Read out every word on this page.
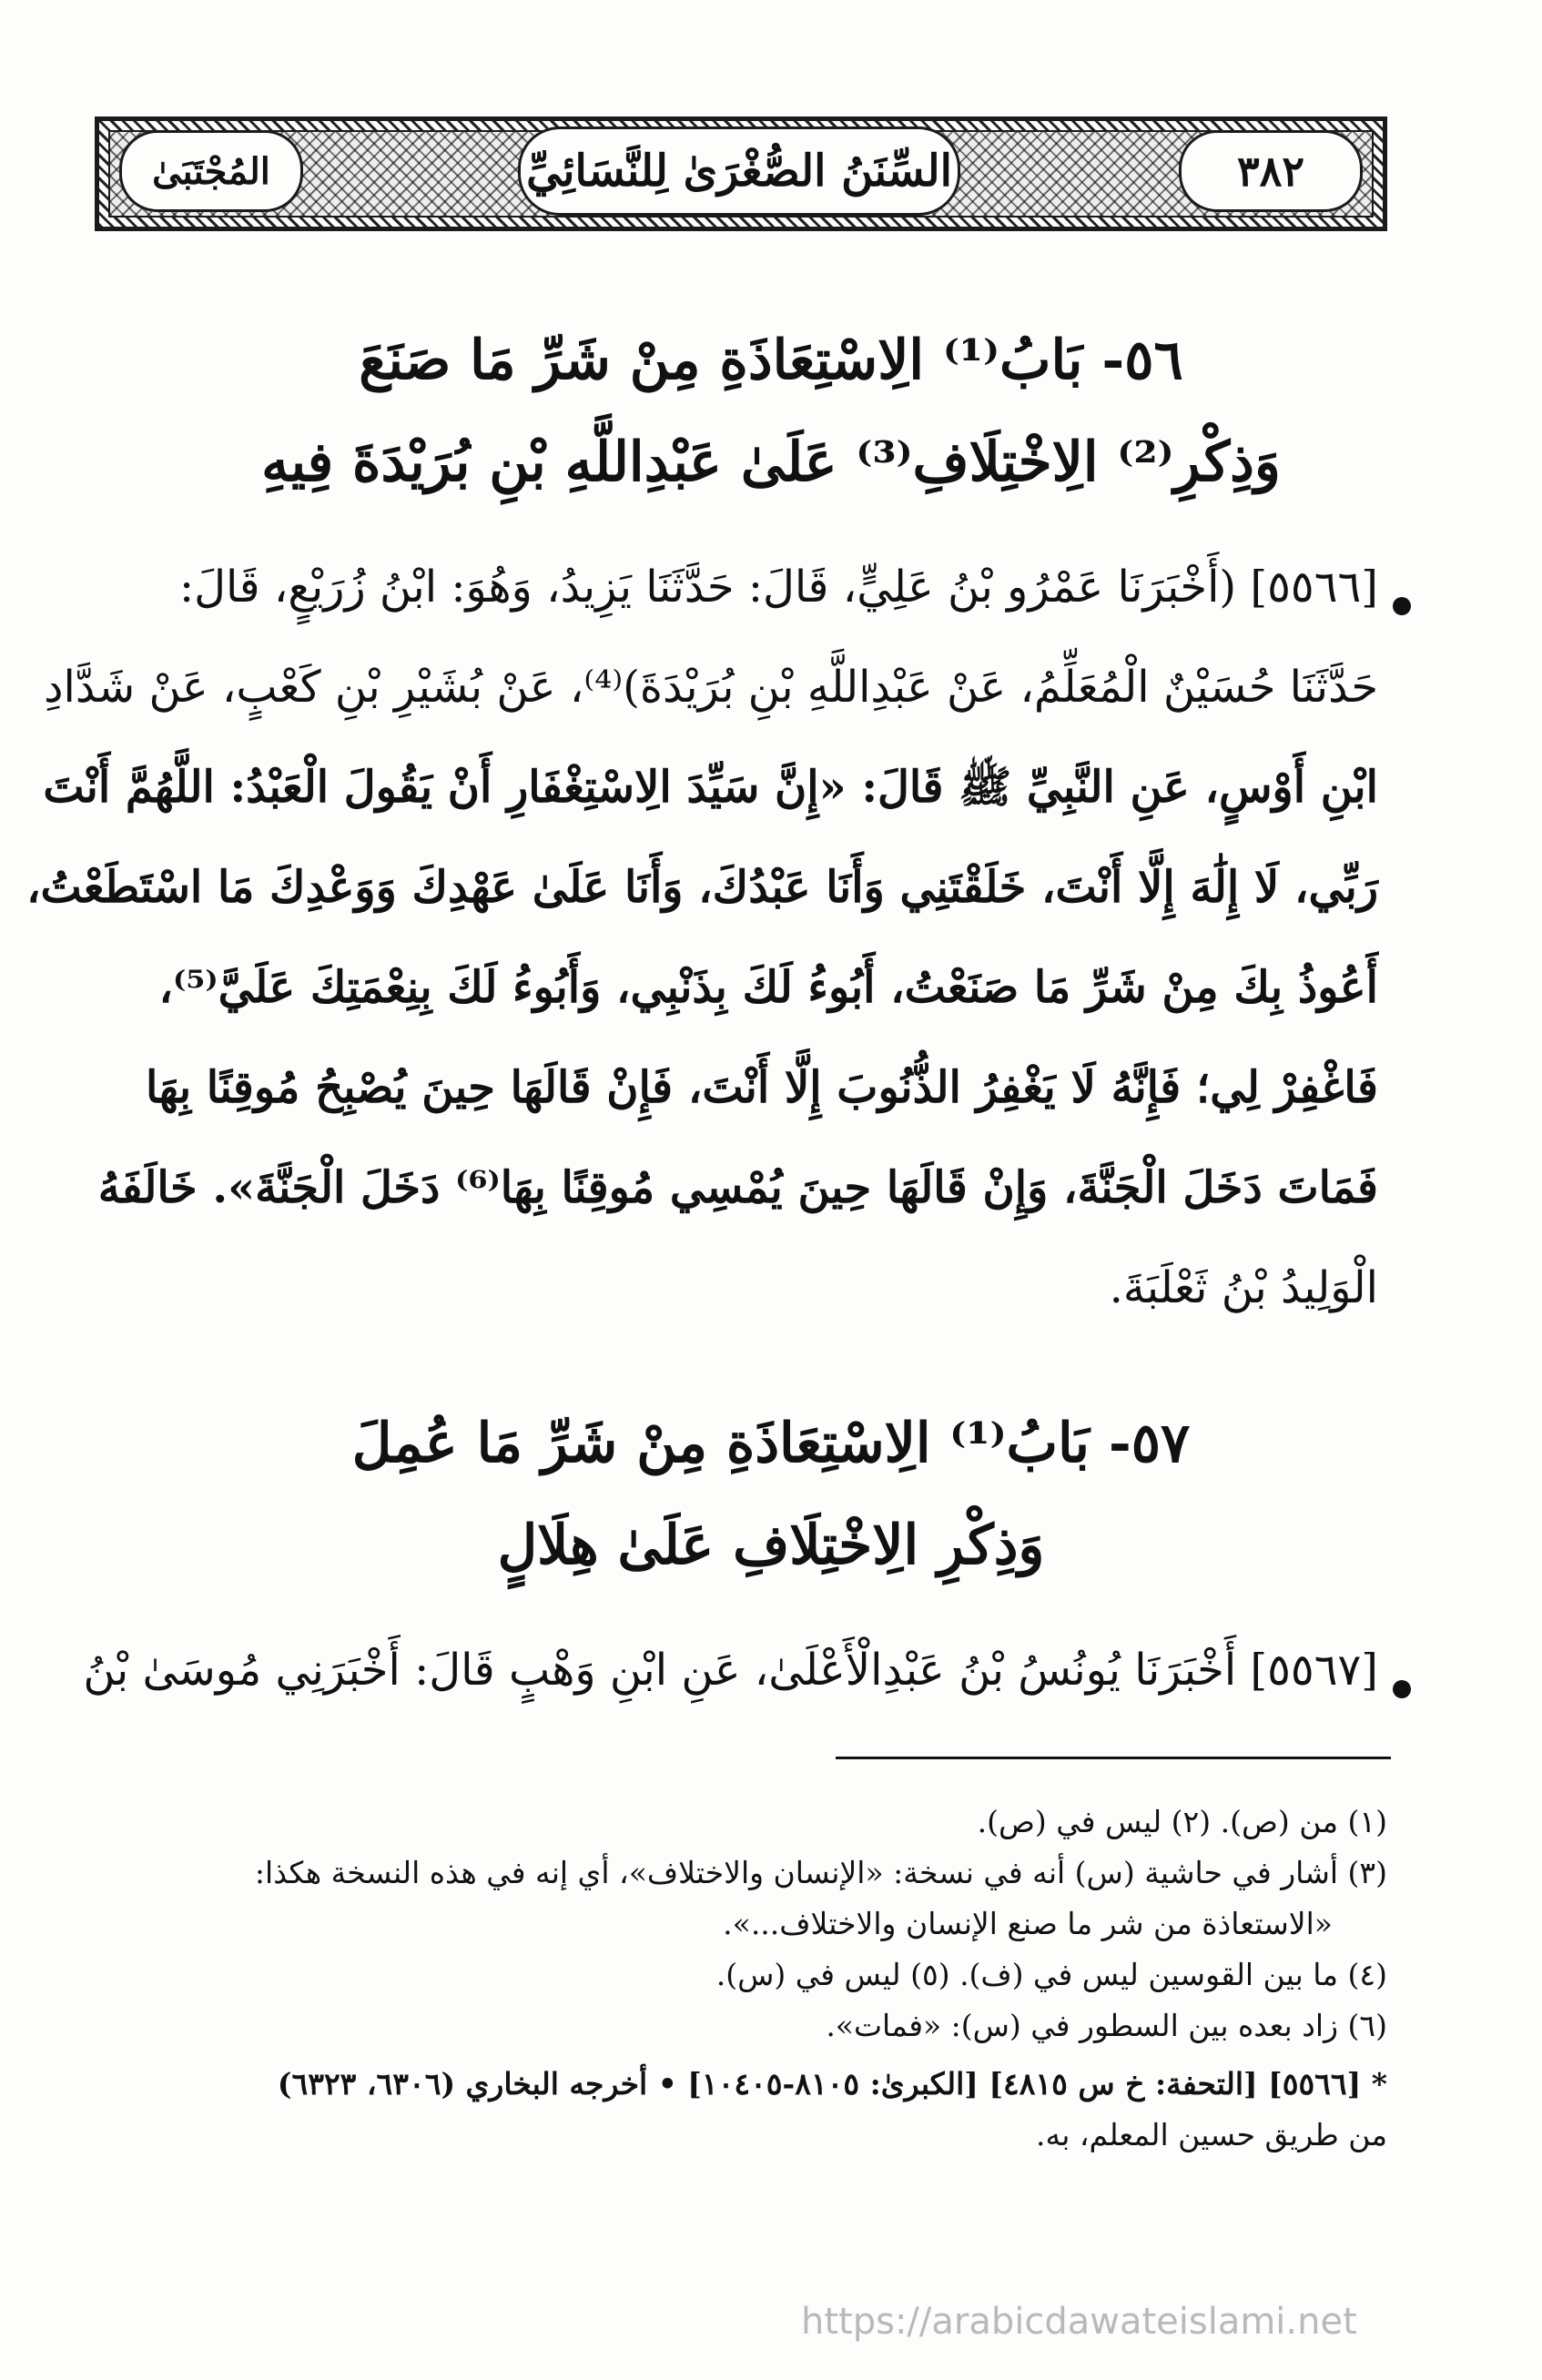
المُجْتَبَىٰ	السِّنَنُ الصُّغْرَىٰ لِلنَّسَائِيِّ	٣٨٢
٥٦- بَابُ⁽¹⁾ الِاسْتِعَاذَةِ مِنْ شَرِّ مَا صَنَعَ
وَذِكْرِ⁽²⁾ الِاخْتِلَافِ⁽³⁾ عَلَىٰ عَبْدِاللَّهِ بْنِ بُرَيْدَةَ فِيهِ
[٥٥٦٦] (أَخْبَرَنَا عَمْرُو بْنُ عَلِيٍّ، قَالَ: حَدَّثَنَا يَزِيدُ، وَهُوَ: ابْنُ زُرَيْعٍ، قَالَ:
حَدَّثَنَا حُسَيْنٌ الْمُعَلِّمُ، عَنْ عَبْدِاللَّهِ بْنِ بُرَيْدَةَ)⁽⁴⁾، عَنْ بُشَيْرِ بْنِ كَعْبٍ، عَنْ شَدَّادِ
ابْنِ أَوْسٍ، عَنِ النَّبِيِّ ﷺ قَالَ: «إِنَّ سَيِّدَ الِاسْتِغْفَارِ أَنْ يَقُولَ الْعَبْدُ: اللَّهُمَّ أَنْتَ
رَبِّي، لَا إِلَٰهَ إِلَّا أَنْتَ، خَلَقْتَنِي وَأَنَا عَبْدُكَ، وَأَنَا عَلَىٰ عَهْدِكَ وَوَعْدِكَ مَا اسْتَطَعْتُ،
أَعُوذُ بِكَ مِنْ شَرِّ مَا صَنَعْتُ، أَبُوءُ لَكَ بِذَنْبِي، وَأَبُوءُ لَكَ بِنِعْمَتِكَ عَلَيَّ⁽⁵⁾،
فَاغْفِرْ لِي؛ فَإِنَّهُ لَا يَغْفِرُ الذُّنُوبَ إِلَّا أَنْتَ، فَإِنْ قَالَهَا حِينَ يُصْبِحُ مُوقِنًا بِهَا
فَمَاتَ دَخَلَ الْجَنَّةَ، وَإِنْ قَالَهَا حِينَ يُمْسِي مُوقِنًا بِهَا⁽⁶⁾ دَخَلَ الْجَنَّةَ». خَالَفَهُ
الْوَلِيدُ بْنُ ثَعْلَبَةَ.
٥٧- بَابُ⁽¹⁾ الِاسْتِعَاذَةِ مِنْ شَرِّ مَا عُمِلَ
وَذِكْرِ الِاخْتِلَافِ عَلَىٰ هِلَالٍ
[٥٥٦٧] أَخْبَرَنَا يُونُسُ بْنُ عَبْدِالْأَعْلَىٰ، عَنِ ابْنِ وَهْبٍ قَالَ: أَخْبَرَنِي مُوسَىٰ بْنُ
(١) من (ص). (٢) ليس في (ص).
(٣) أشار في حاشية (س) أنه في نسخة: «الإنسان والاختلاف»، أي إنه في هذه النسخة هكذا:
«الاستعاذة من شر ما صنع الإنسان والاختلاف...».
(٤) ما بين القوسين ليس في (ف). (٥) ليس في (س).
(٦) زاد بعده بين السطور في (س): «فمات».
* [٥٥٦٦] [التحفة: خ س ٤٨١٥] [الكبرىٰ: ٨١٠٥-١٠٤٠٥] • أخرجه البخاري (٦٣٠٦، ٦٣٢٣)
من طريق حسين المعلم، به.
https://arabicdawateislami.net
